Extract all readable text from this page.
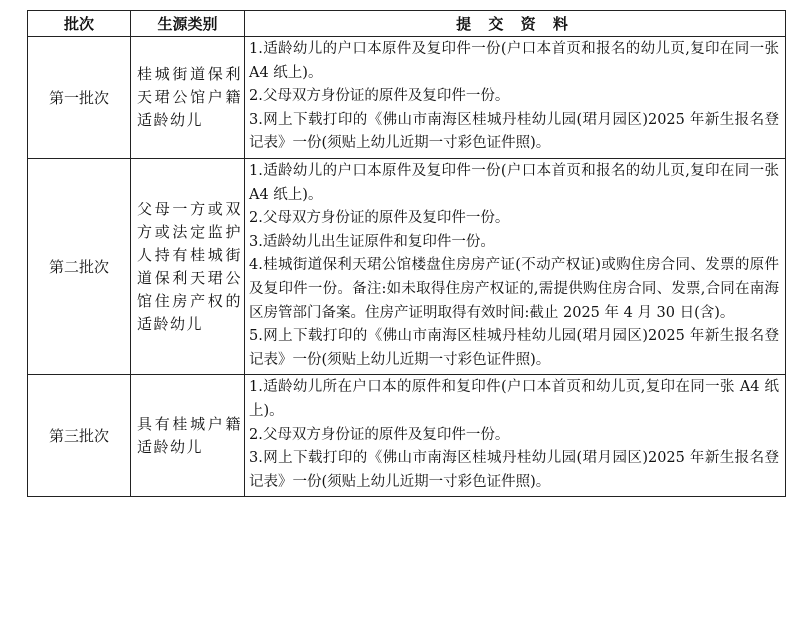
批次	生源类别	提 交 资 料
第一批次	桂城街道保利天珺公馆户籍适龄幼儿	1.适龄幼儿的户口本原件及复印件一份(户口本首页和报名的幼儿页,复印在同一张 A4 纸上)。
2.父母双方身份证的原件及复印件一份。
3.网上下载打印的《佛山市南海区桂城丹桂幼儿园(珺月园区)2025 年新生报名登记表》一份(须贴上幼儿近期一寸彩色证件照)。

第二批次	父母一方或双方或法定监护人持有桂城街道保利天珺公馆住房产权的适龄幼儿	1.适龄幼儿的户口本原件及复印件一份(户口本首页和报名的幼儿页,复印在同一张 A4 纸上)。
2.父母双方身份证的原件及复印件一份。
3.适龄幼儿出生证原件和复印件一份。
4.桂城街道保利天珺公馆楼盘住房房产证(不动产权证)或购住房合同、发票的原件及复印件一份。备注:如未取得住房产权证的,需提供购住房合同、发票,合同在南海区房管部门备案。住房产证明取得有效时间:截止 2025 年 4 月 30 日(含)。
5.网上下载打印的《佛山市南海区桂城丹桂幼儿园(珺月园区)2025 年新生报名登记表》一份(须贴上幼儿近期一寸彩色证件照)。

第三批次	具有桂城户籍适龄幼儿	1.适龄幼儿所在户口本的原件和复印件(户口本首页和幼儿页,复印在同一张 A4 纸上)。
2.父母双方身份证的原件及复印件一份。
3.网上下载打印的《佛山市南海区桂城丹桂幼儿园(珺月园区)2025 年新生报名登记表》一份(须贴上幼儿近期一寸彩色证件照)。
